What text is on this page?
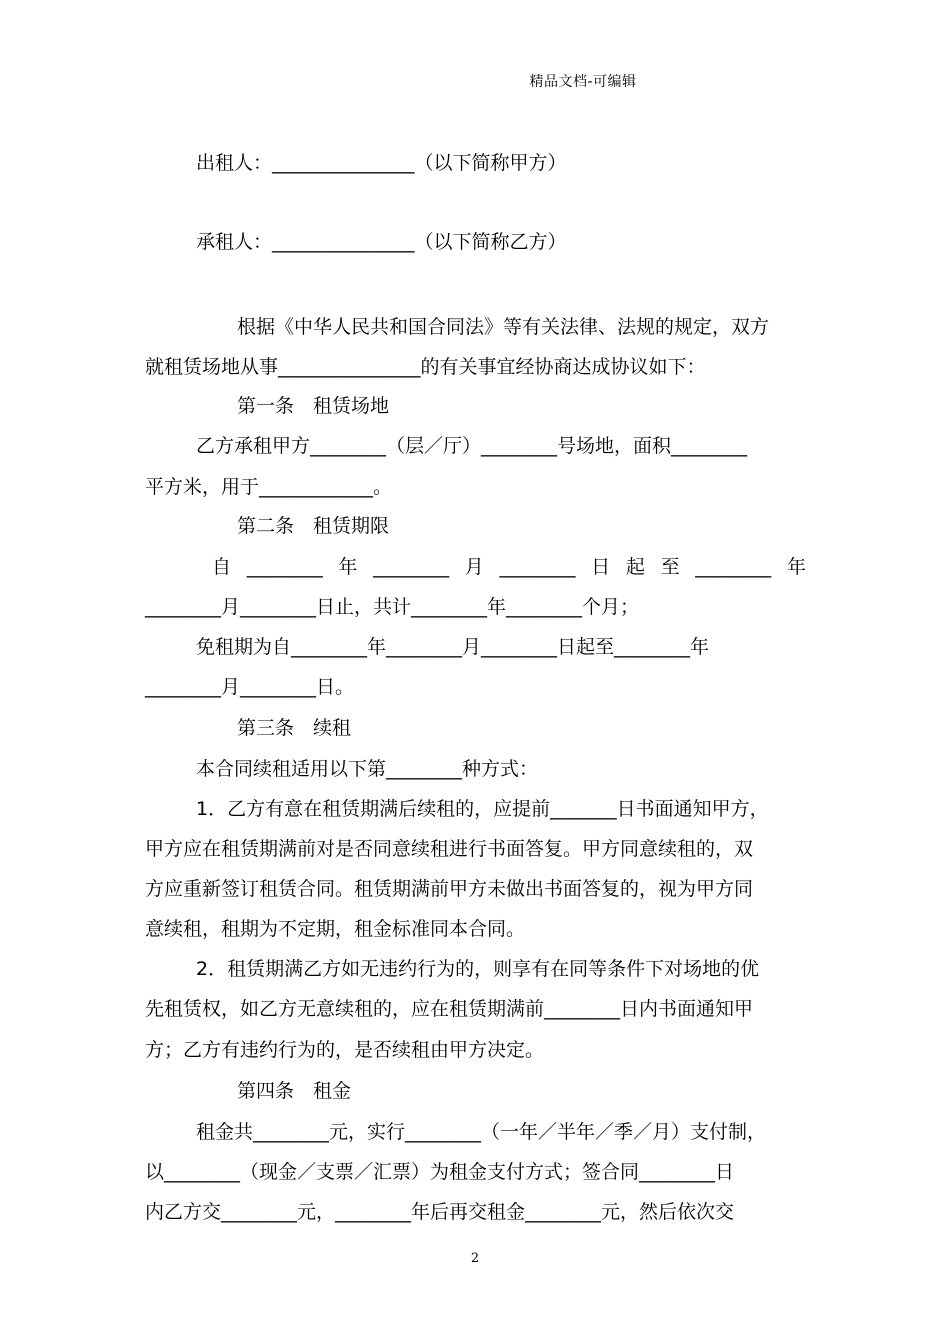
精品文档-可编辑
出租人：_______________（以下简称甲方）
承租人：_______________（以下简称乙方）
根据《中华人民共和国合同法》等有关法律、法规的规定，双方
就租赁场地从事_______________的有关事宜经协商达成协议如下：
第一条　租赁场地
乙方承租甲方________（层／厅）________号场地，面积________
平方米，用于____________。
第二条　租赁期限
自 ________ 年 ________ 月 ________ 日 起 至 ________ 年
________月________日止，共计________年________个月；
免租期为自________年________月________日起至________年
________月________日。
第三条　续租
本合同续租适用以下第________种方式：
1．乙方有意在租赁期满后续租的，应提前_______日书面通知甲方，
甲方应在租赁期满前对是否同意续租进行书面答复。甲方同意续租的，双
方应重新签订租赁合同。租赁期满前甲方未做出书面答复的，视为甲方同
意续租，租期为不定期，租金标准同本合同。
2．租赁期满乙方如无违约行为的，则享有在同等条件下对场地的优
先租赁权，如乙方无意续租的，应在租赁期满前________日内书面通知甲
方；乙方有违约行为的，是否续租由甲方决定。
第四条　租金
租金共________元，实行________（一年／半年／季／月）支付制，
以________（现金／支票／汇票）为租金支付方式；签合同________日
内乙方交________元，________年后再交租金________元，然后依次交
2
